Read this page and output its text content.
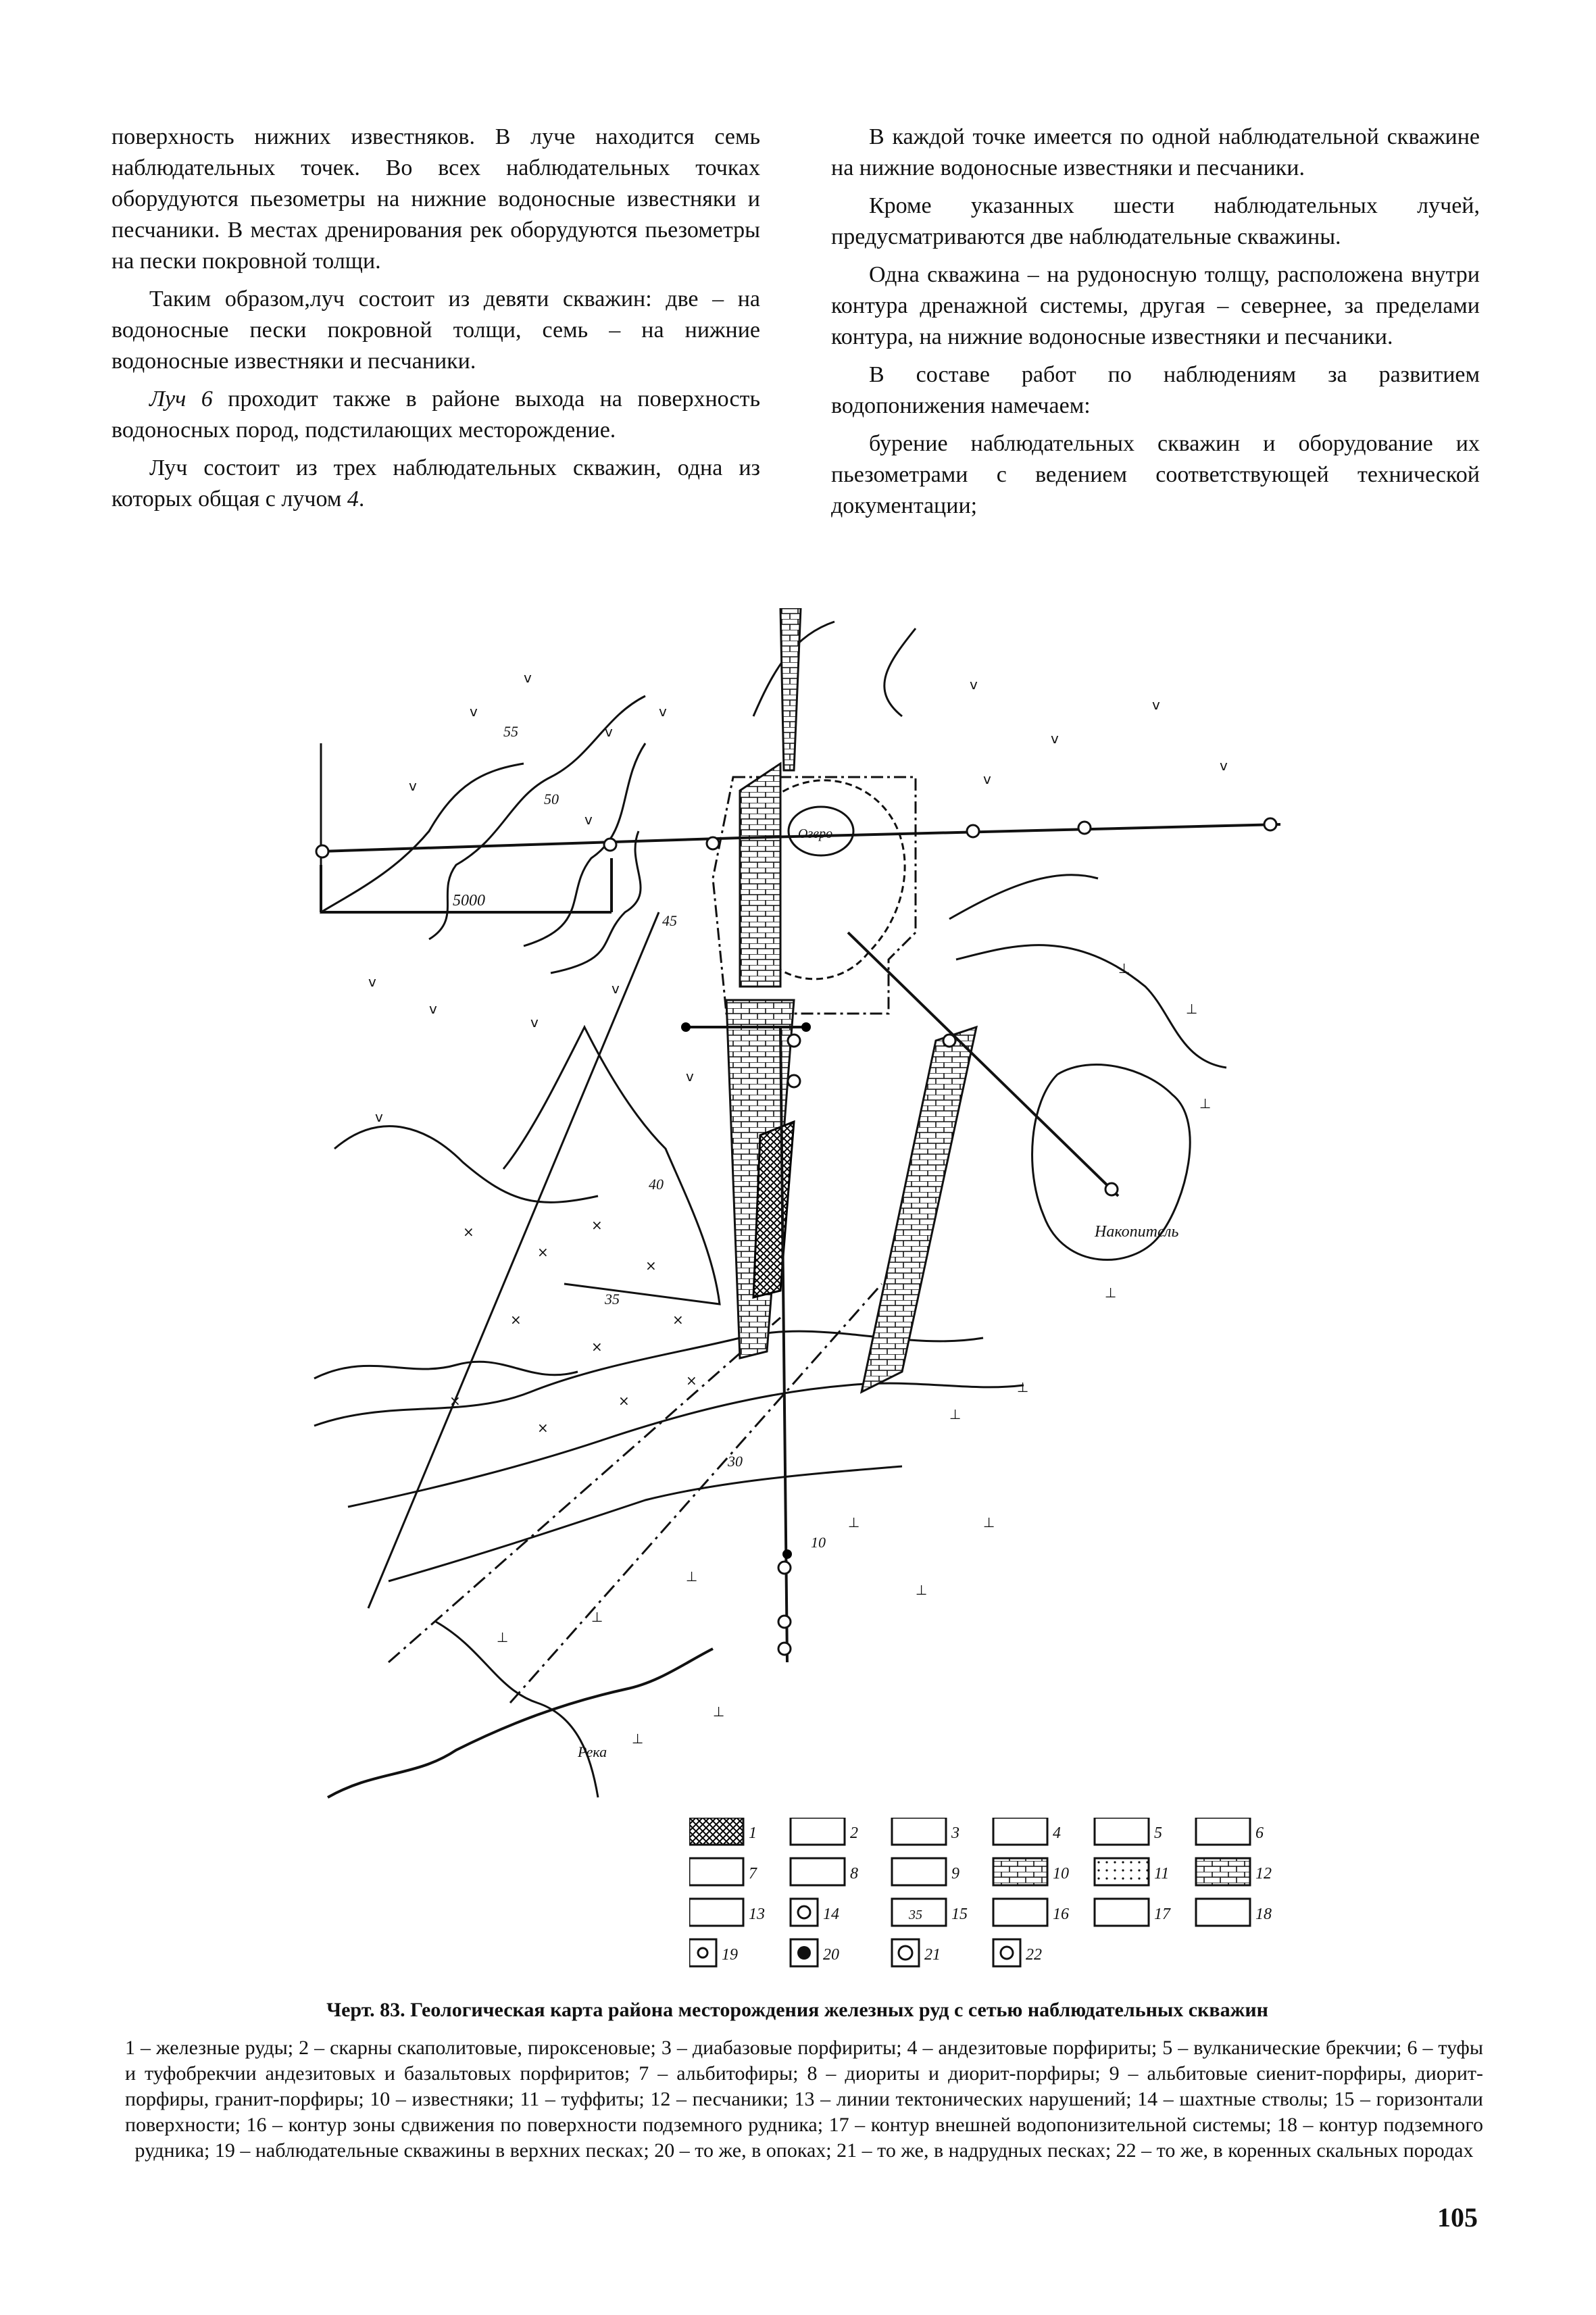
поверхность нижних известняков. В луче находится семь наблюдательных точек. Во всех наблюдательных точках оборудуются пьезометры на нижние водоносные известняки и песчаники. В местах дренирования рек оборудуются пьезометры на пески покровной толщи.

Таким образом,луч состоит из девяти скважин: две – на водоносные пески покровной толщи, семь – на нижние водоносные известняки и песчаники.

Луч 6 проходит также в районе выхода на поверхность водоносных пород, подстилающих месторождение.

Луч состоит из трех наблюдательных скважин, одна из которых общая с лучом 4.

В каждой точке имеется по одной наблюдательной скважине на нижние водоносные известняки и песчаники.

Кроме указанных шести наблюдательных лучей, предусматриваются две наблюдательные скважины.

Одна скважина – на рудоносную толщу, расположена внутри контура дренажной системы, другая – севернее, за пределами контура, на нижние водоносные известняки и песчаники.

В составе работ по наблюдениям за развитием водопонижения намечаем:

бурение наблюдательных скважин и оборудование их пьезометрами с ведением соответствующей технической документации;

Озеро
5000
Накопитель
Река
55
50
45
40
35
30
10
v
v
v
v
v
v
v
v
v
v
v
v
v
v
v
v
v
×
×
×
×
×
×
×
×
×
×
×
⊥
⊥
⊥
⊥
⊥
⊥
⊥
⊥
⊥
⊥
⊥
⊥
⊥
⊥
1	2	3	4	5	6
7	8	9	10	11	12
13	14	35 15	16	17	18
19	20	21	22
Черт. 83. Геологическая карта района месторождения железных руд с сетью наблюдательных скважин
1 – железные руды; 2 – скарны скаполитовые, пироксеновые; 3 – диабазовые порфириты; 4 – андезитовые порфириты; 5 – вулканические брекчии; 6 – туфы и туфобрекчии андезитовых и базальтовых порфиритов; 7 – альбитофиры; 8 – диориты и диорит-порфиры; 9 – альбитовые сиенит-порфиры, диорит- порфиры, гранит-порфиры; 10 – известняки; 11 – туффиты; 12 – песчаники; 13 – линии тектонических нарушений; 14 – шахтные стволы; 15 – горизонтали поверхности; 16 – контур зоны сдвижения по поверхности подземного рудника; 17 – контур внешней водопонизительной системы; 18 – контур подземного рудника; 19 – наблюдательные скважины в верхних песках; 20 – то же, в опоках; 21 – то же, в надрудных песках; 22 – то же, в коренных скальных породах
105
